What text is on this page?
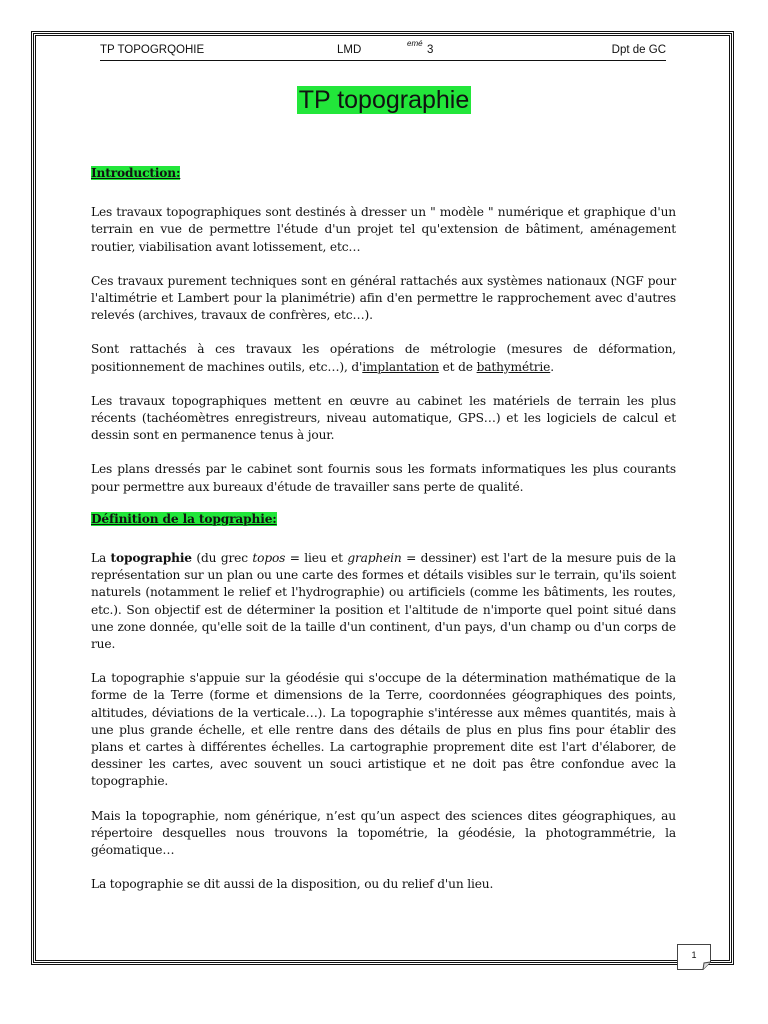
TP TOPOGRQOHIE	LMD
emé
3	Dpt de GC
TP topographie
Introduction:

Les travaux topographiques sont destinés à dresser un " modèle " numérique et graphique d'un terrain en vue de permettre l'étude d'un projet tel qu'extension de bâtiment, aménagement routier, viabilisation avant lotissement, etc…

Ces travaux purement techniques sont en général rattachés aux systèmes nationaux (NGF pour l'altimétrie et Lambert pour la planimétrie) afin d'en permettre le rapprochement avec d'autres relevés (archives, travaux de confrères, etc…).

Sont rattachés à ces travaux les opérations de métrologie (mesures de déformation, positionnement de machines outils, etc…), d'implantation et de bathymétrie.

Les travaux topographiques mettent en œuvre au cabinet les matériels de terrain les plus récents (tachéomètres enregistreurs, niveau automatique, GPS…) et les logiciels de calcul et dessin sont en permanence tenus à jour.

Les plans dressés par le cabinet sont fournis sous les formats informatiques les plus courants pour permettre aux bureaux d'étude de travailler sans perte de qualité.

Définition de la topgraphie:

La topographie (du grec topos = lieu et graphein = dessiner) est l'art de la mesure puis de la représentation sur un plan ou une carte des formes et détails visibles sur le terrain, qu'ils soient naturels (notamment le relief et l'hydrographie) ou artificiels (comme les bâtiments, les routes, etc.). Son objectif est de déterminer la position et l'altitude de n'importe quel point situé dans une zone donnée, qu'elle soit de la taille d'un continent, d'un pays, d'un champ ou d'un corps de rue.

La topographie s'appuie sur la géodésie qui s'occupe de la détermination mathématique de la forme de la Terre (forme et dimensions de la Terre, coordonnées géographiques des points, altitudes, déviations de la verticale…). La topographie s'intéresse aux mêmes quantités, mais à une plus grande échelle, et elle rentre dans des détails de plus en plus fins pour établir des plans et cartes à différentes échelles. La cartographie proprement dite est l'art d'élaborer, de dessiner les cartes, avec souvent un souci artistique et ne doit pas être confondue avec la topographie.

Mais la topographie, nom générique, n’est qu’un aspect des sciences dites géographiques, au répertoire desquelles nous trouvons la topométrie, la géodésie, la photogrammétrie, la géomatique…

La topographie se dit aussi de la disposition, ou du relief d'un lieu.

1
